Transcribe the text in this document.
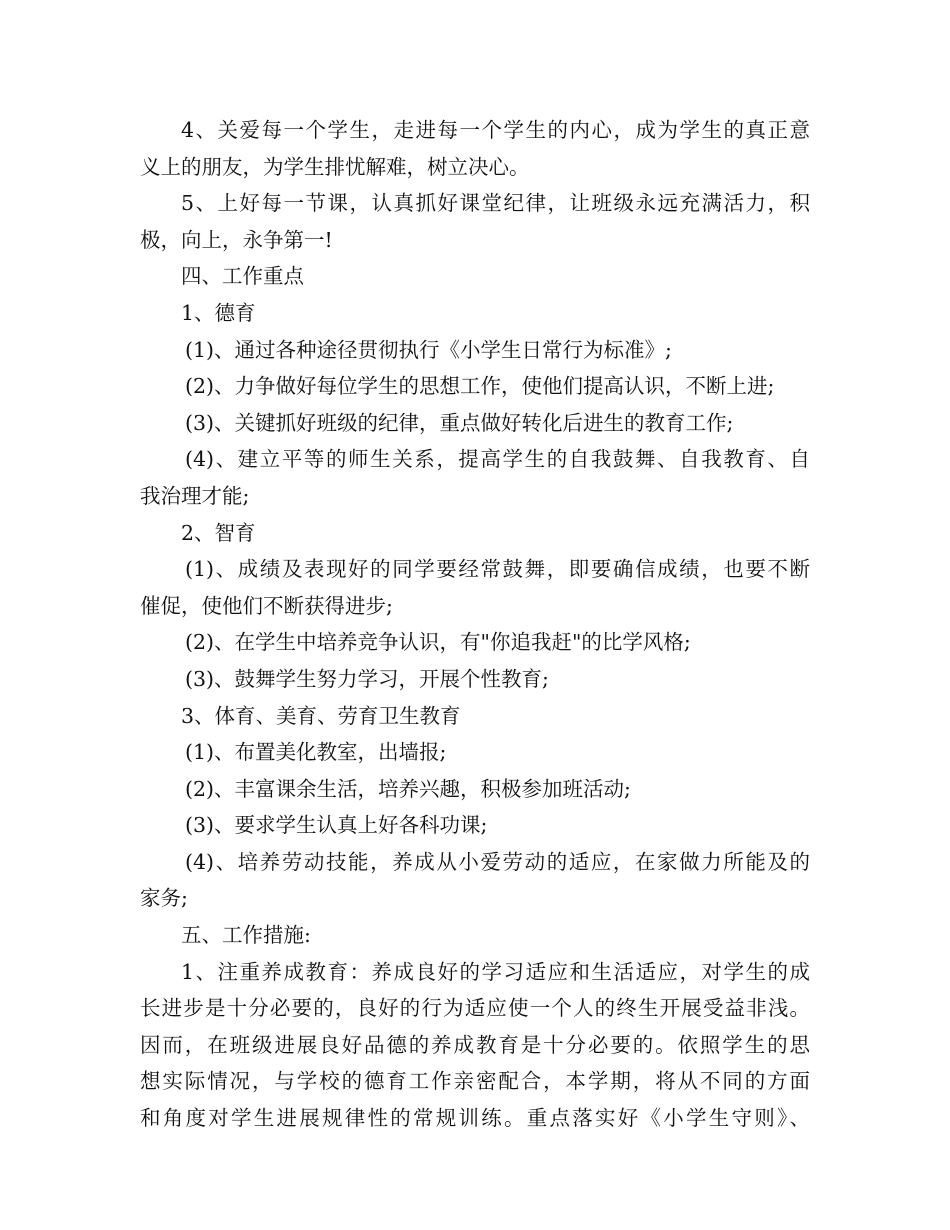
4、关爱每一个学生，走进每一个学生的内心，成为学生的真正意
义上的朋友，为学生排忧解难，树立决心。
5、上好每一节课，认真抓好课堂纪律，让班级永远充满活力，积
极，向上，永争第一!
四、工作重点
1、德育
(1)、通过各种途径贯彻执行《小学生日常行为标准》;
(2)、力争做好每位学生的思想工作，使他们提高认识，不断上进;
(3)、关键抓好班级的纪律，重点做好转化后进生的教育工作;
(4)、建立平等的师生关系，提高学生的自我鼓舞、自我教育、自
我治理才能;
2、智育
(1)、成绩及表现好的同学要经常鼓舞，即要确信成绩，也要不断
催促，使他们不断获得进步;
(2)、在学生中培养竞争认识，有"你追我赶"的比学风格;
(3)、鼓舞学生努力学习，开展个性教育;
3、体育、美育、劳育卫生教育
(1)、布置美化教室，出墙报;
(2)、丰富课余生活，培养兴趣，积极参加班活动;
(3)、要求学生认真上好各科功课;
(4)、培养劳动技能，养成从小爱劳动的适应，在家做力所能及的
家务;
五、工作措施:
1、注重养成教育：养成良好的学习适应和生活适应，对学生的成
长进步是十分必要的，良好的行为适应使一个人的终生开展受益非浅。
因而，在班级进展良好品德的养成教育是十分必要的。依照学生的思
想实际情况，与学校的德育工作亲密配合，本学期，将从不同的方面
和角度对学生进展规律性的常规训练。重点落实好《小学生守则》、
